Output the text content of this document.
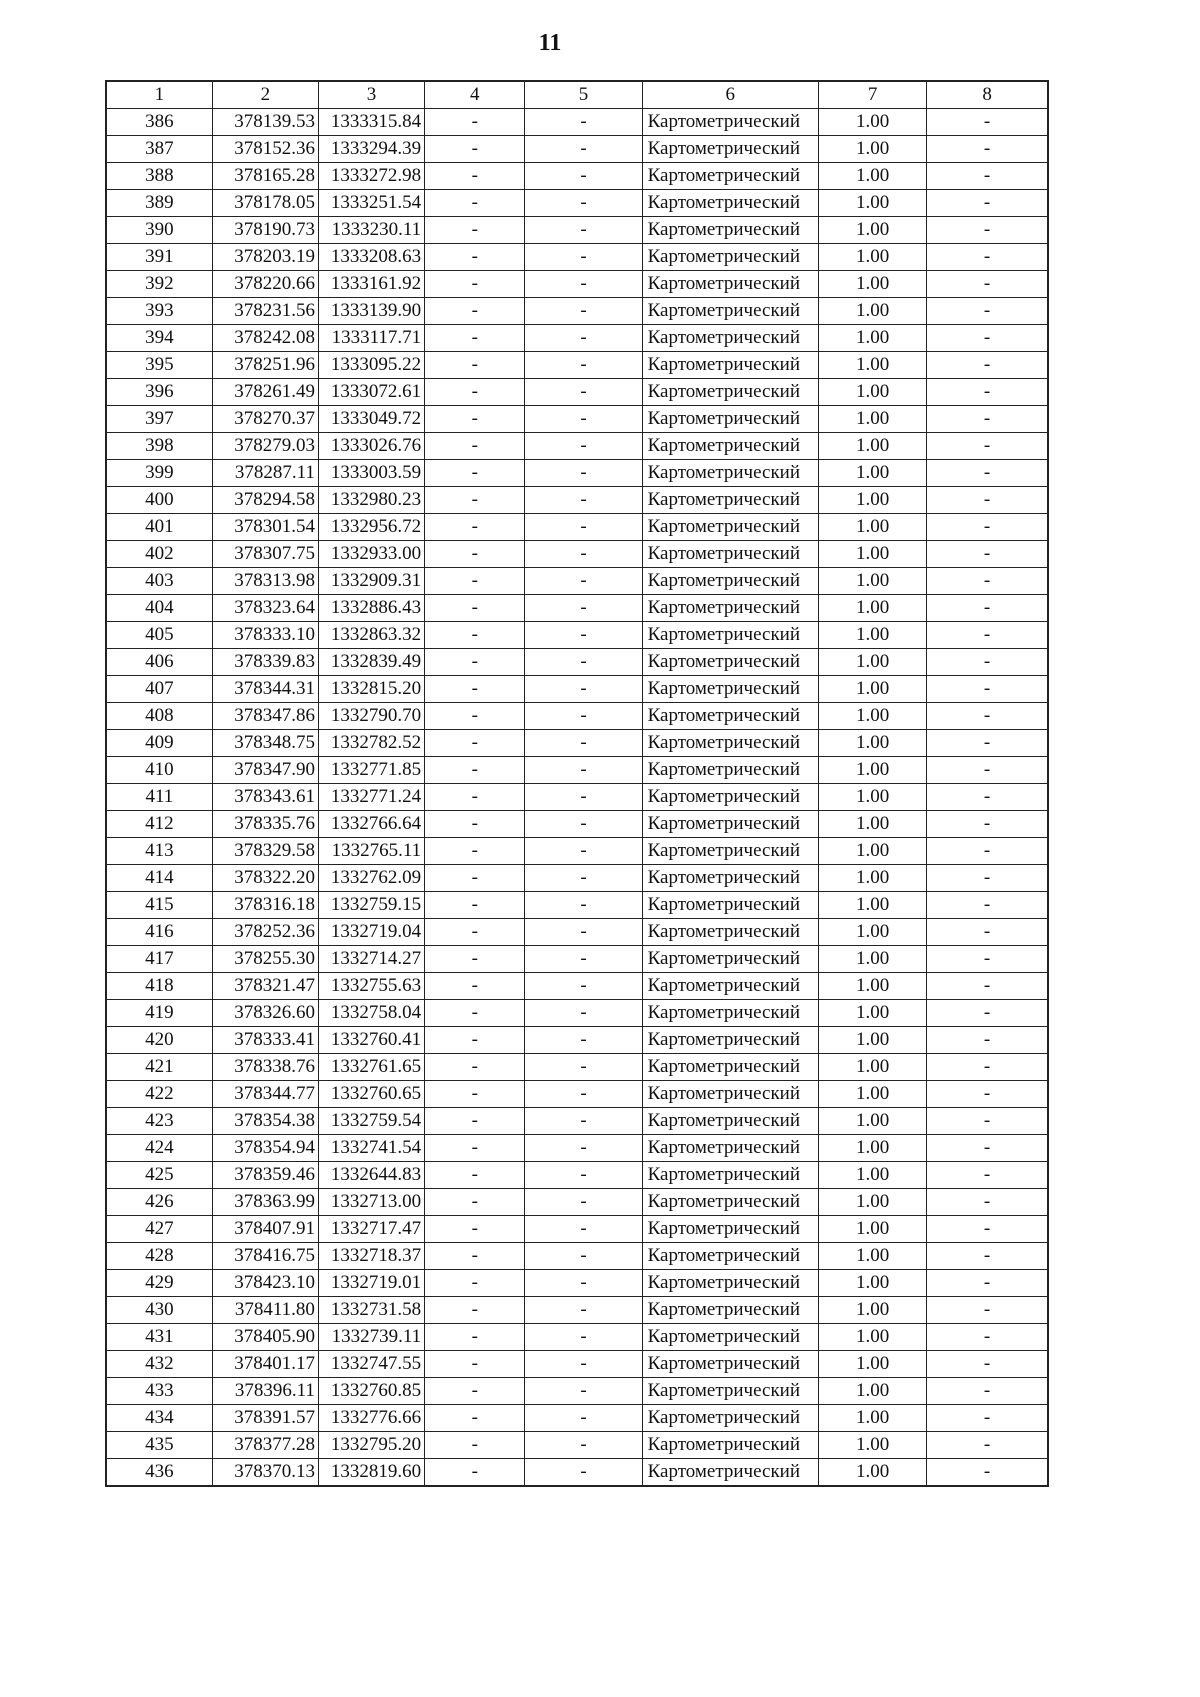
11
1	2	3	4	5	6	7	8
386	378139.53	1333315.84	-	-	Картометрический	1.00	-
387	378152.36	1333294.39	-	-	Картометрический	1.00	-
388	378165.28	1333272.98	-	-	Картометрический	1.00	-
389	378178.05	1333251.54	-	-	Картометрический	1.00	-
390	378190.73	1333230.11	-	-	Картометрический	1.00	-
391	378203.19	1333208.63	-	-	Картометрический	1.00	-
392	378220.66	1333161.92	-	-	Картометрический	1.00	-
393	378231.56	1333139.90	-	-	Картометрический	1.00	-
394	378242.08	1333117.71	-	-	Картометрический	1.00	-
395	378251.96	1333095.22	-	-	Картометрический	1.00	-
396	378261.49	1333072.61	-	-	Картометрический	1.00	-
397	378270.37	1333049.72	-	-	Картометрический	1.00	-
398	378279.03	1333026.76	-	-	Картометрический	1.00	-
399	378287.11	1333003.59	-	-	Картометрический	1.00	-
400	378294.58	1332980.23	-	-	Картометрический	1.00	-
401	378301.54	1332956.72	-	-	Картометрический	1.00	-
402	378307.75	1332933.00	-	-	Картометрический	1.00	-
403	378313.98	1332909.31	-	-	Картометрический	1.00	-
404	378323.64	1332886.43	-	-	Картометрический	1.00	-
405	378333.10	1332863.32	-	-	Картометрический	1.00	-
406	378339.83	1332839.49	-	-	Картометрический	1.00	-
407	378344.31	1332815.20	-	-	Картометрический	1.00	-
408	378347.86	1332790.70	-	-	Картометрический	1.00	-
409	378348.75	1332782.52	-	-	Картометрический	1.00	-
410	378347.90	1332771.85	-	-	Картометрический	1.00	-
411	378343.61	1332771.24	-	-	Картометрический	1.00	-
412	378335.76	1332766.64	-	-	Картометрический	1.00	-
413	378329.58	1332765.11	-	-	Картометрический	1.00	-
414	378322.20	1332762.09	-	-	Картометрический	1.00	-
415	378316.18	1332759.15	-	-	Картометрический	1.00	-
416	378252.36	1332719.04	-	-	Картометрический	1.00	-
417	378255.30	1332714.27	-	-	Картометрический	1.00	-
418	378321.47	1332755.63	-	-	Картометрический	1.00	-
419	378326.60	1332758.04	-	-	Картометрический	1.00	-
420	378333.41	1332760.41	-	-	Картометрический	1.00	-
421	378338.76	1332761.65	-	-	Картометрический	1.00	-
422	378344.77	1332760.65	-	-	Картометрический	1.00	-
423	378354.38	1332759.54	-	-	Картометрический	1.00	-
424	378354.94	1332741.54	-	-	Картометрический	1.00	-
425	378359.46	1332644.83	-	-	Картометрический	1.00	-
426	378363.99	1332713.00	-	-	Картометрический	1.00	-
427	378407.91	1332717.47	-	-	Картометрический	1.00	-
428	378416.75	1332718.37	-	-	Картометрический	1.00	-
429	378423.10	1332719.01	-	-	Картометрический	1.00	-
430	378411.80	1332731.58	-	-	Картометрический	1.00	-
431	378405.90	1332739.11	-	-	Картометрический	1.00	-
432	378401.17	1332747.55	-	-	Картометрический	1.00	-
433	378396.11	1332760.85	-	-	Картометрический	1.00	-
434	378391.57	1332776.66	-	-	Картометрический	1.00	-
435	378377.28	1332795.20	-	-	Картометрический	1.00	-
436	378370.13	1332819.60	-	-	Картометрический	1.00	-
